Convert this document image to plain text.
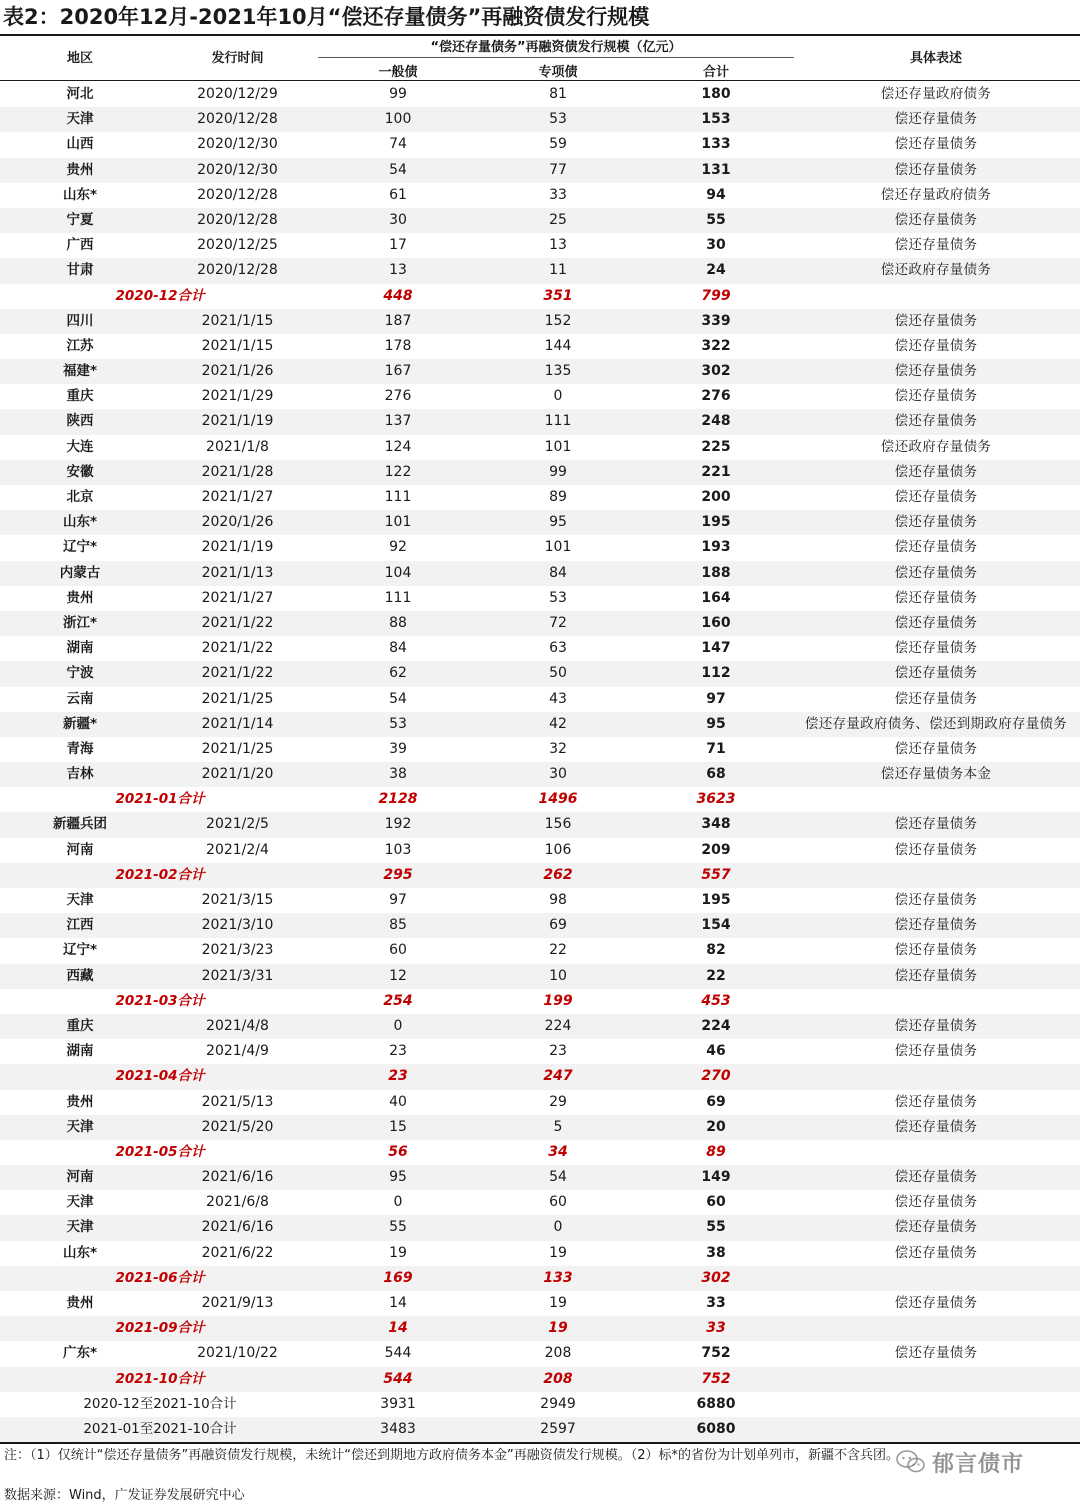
表2：2020年12月-2021年10月“偿还存量债务”再融资债发行规模
地区	发行时间
“偿还存量债务”再融资债发行规模（亿元）
一般债	专项债	合计
具体表述
河北	2020/12/29	99	81	180	偿还存量政府债务
天津	2020/12/28	100	53	153	偿还存量债务
山西	2020/12/30	74	59	133	偿还存量债务
贵州	2020/12/30	54	77	131	偿还存量债务
山东*	2020/12/28	61	33	94	偿还存量政府债务
宁夏	2020/12/28	30	25	55	偿还存量债务
广西	2020/12/25	17	13	30	偿还存量债务
甘肃	2020/12/28	13	11	24	偿还政府存量债务
2020-12合计	448	351	799
四川	2021/1/15	187	152	339	偿还存量债务
江苏	2021/1/15	178	144	322	偿还存量债务
福建*	2021/1/26	167	135	302	偿还存量债务
重庆	2021/1/29	276	0	276	偿还存量债务
陕西	2021/1/19	137	111	248	偿还存量债务
大连	2021/1/8	124	101	225	偿还政府存量债务
安徽	2021/1/28	122	99	221	偿还存量债务
北京	2021/1/27	111	89	200	偿还存量债务
山东*	2020/1/26	101	95	195	偿还存量债务
辽宁*	2021/1/19	92	101	193	偿还存量债务
内蒙古	2021/1/13	104	84	188	偿还存量债务
贵州	2021/1/27	111	53	164	偿还存量债务
浙江*	2021/1/22	88	72	160	偿还存量债务
湖南	2021/1/22	84	63	147	偿还存量债务
宁波	2021/1/22	62	50	112	偿还存量债务
云南	2021/1/25	54	43	97	偿还存量债务
新疆*	2021/1/14	53	42	95	偿还存量政府债务、偿还到期政府存量债务
青海	2021/1/25	39	32	71	偿还存量债务
吉林	2021/1/20	38	30	68	偿还存量债务本金
2021-01合计	2128	1496	3623
新疆兵团	2021/2/5	192	156	348	偿还存量债务
河南	2021/2/4	103	106	209	偿还存量债务
2021-02合计	295	262	557
天津	2021/3/15	97	98	195	偿还存量债务
江西	2021/3/10	85	69	154	偿还存量债务
辽宁*	2021/3/23	60	22	82	偿还存量债务
西藏	2021/3/31	12	10	22	偿还存量债务
2021-03合计	254	199	453
重庆	2021/4/8	0	224	224	偿还存量债务
湖南	2021/4/9	23	23	46	偿还存量债务
2021-04合计	23	247	270
贵州	2021/5/13	40	29	69	偿还存量债务
天津	2021/5/20	15	5	20	偿还存量债务
2021-05合计	56	34	89
河南	2021/6/16	95	54	149	偿还存量债务
天津	2021/6/8	0	60	60	偿还存量债务
天津	2021/6/16	55	0	55	偿还存量债务
山东*	2021/6/22	19	19	38	偿还存量债务
2021-06合计	169	133	302
贵州	2021/9/13	14	19	33	偿还存量债务
2021-09合计	14	19	33
广东*	2021/10/22	544	208	752	偿还存量债务
2021-10合计	544	208	752
2020-12至2021-10合计	3931	2949	6880
2021-01至2021-10合计	3483	2597	6080
注：（1）仅统计“偿还存量债务”再融资债发行规模，未统计“偿还到期地方政府债务本金”再融资债发行规模。（2）标*的省份为计划单列市，新疆不含兵团。
数据来源：Wind，广发证券发展研究中心
郁言债市
